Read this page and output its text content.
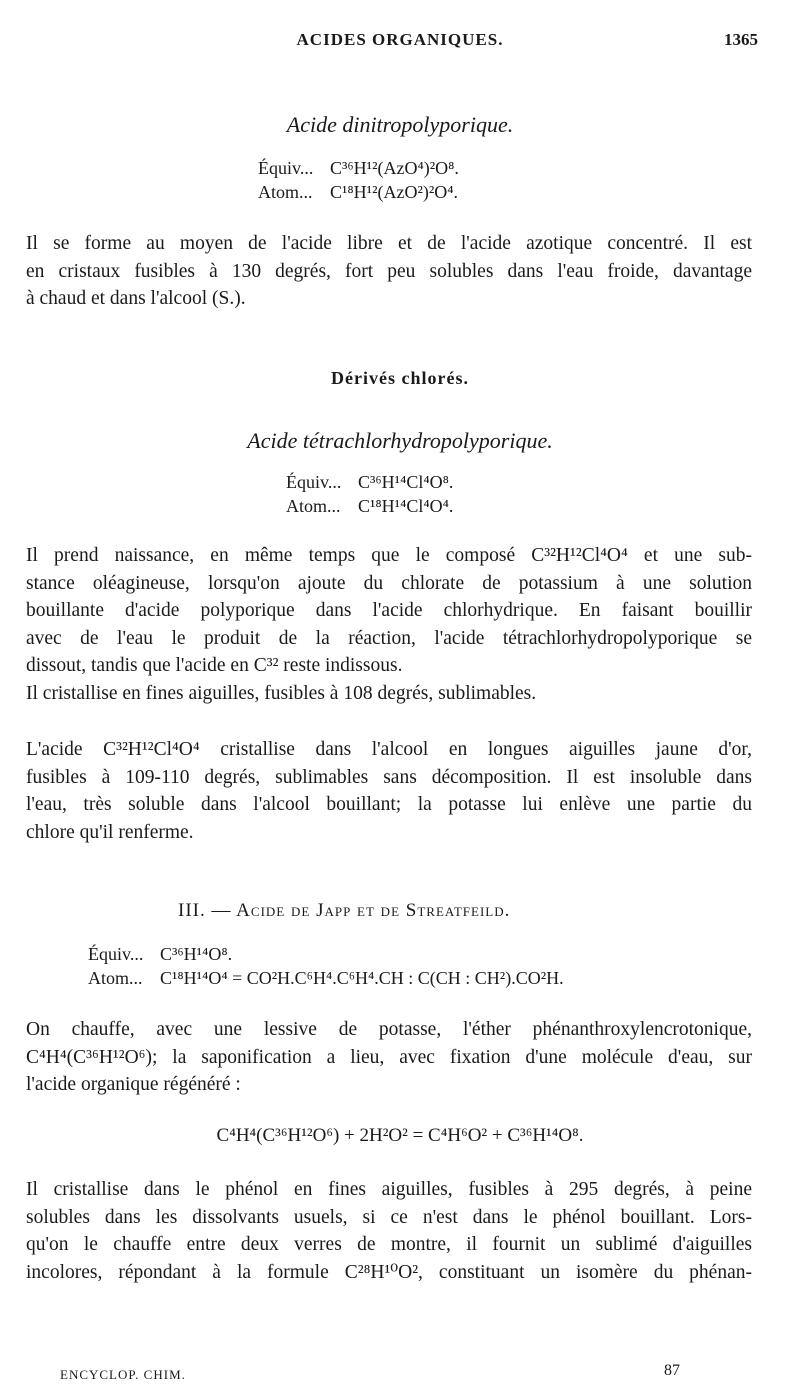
ACIDES ORGANIQUES.	1365
Acide dinitropolyporique.
Équiv... C³⁶H¹²(AzO⁴)²O⁸.
Atom... C¹⁸H¹²(AzO²)²O⁴.
Il se forme au moyen de l'acide libre et de l'acide azotique concentré. Il est
en cristaux fusibles à 130 degrés, fort peu solubles dans l'eau froide, davantage
à chaud et dans l'alcool (S.).
Dérivés chlorés.
Acide tétrachlorhydropolyporique.
Équiv... C³⁶H¹⁴Cl⁴O⁸.
Atom... C¹⁸H¹⁴Cl⁴O⁴.
Il prend naissance, en même temps que le composé C³²H¹²Cl⁴O⁴ et une sub-
stance oléagineuse, lorsqu'on ajoute du chlorate de potassium à une solution
bouillante d'acide polyporique dans l'acide chlorhydrique. En faisant bouillir
avec de l'eau le produit de la réaction, l'acide tétrachlorhydropolyporique se
dissout, tandis que l'acide en C³² reste indissous.
Il cristallise en fines aiguilles, fusibles à 108 degrés, sublimables.
L'acide C³²H¹²Cl⁴O⁴ cristallise dans l'alcool en longues aiguilles jaune d'or,
fusibles à 109-110 degrés, sublimables sans décomposition. Il est insoluble dans
l'eau, très soluble dans l'alcool bouillant; la potasse lui enlève une partie du
chlore qu'il renferme.
III. — Acide de Japp et de Streatfeild.
Équiv... C³⁶H¹⁴O⁸.
Atom... C¹⁸H¹⁴O⁴ = CO²H.C⁶H⁴.C⁶H⁴.CH : C(CH : CH²).CO²H.
On chauffe, avec une lessive de potasse, l'éther phénanthroxylencrotonique,
C⁴H⁴(C³⁶H¹²O⁶); la saponification a lieu, avec fixation d'une molécule d'eau, sur
l'acide organique régénéré :
C⁴H⁴(C³⁶H¹²O⁶) + 2H²O² = C⁴H⁶O² + C³⁶H¹⁴O⁸.
Il cristallise dans le phénol en fines aiguilles, fusibles à 295 degrés, à peine
solubles dans les dissolvants usuels, si ce n'est dans le phénol bouillant. Lors-
qu'on le chauffe entre deux verres de montre, il fournit un sublimé d'aiguilles
incolores, répondant à la formule C²⁸H¹⁰O², constituant un isomère du phénan-
ENCYCLOP. CHIM.	87
